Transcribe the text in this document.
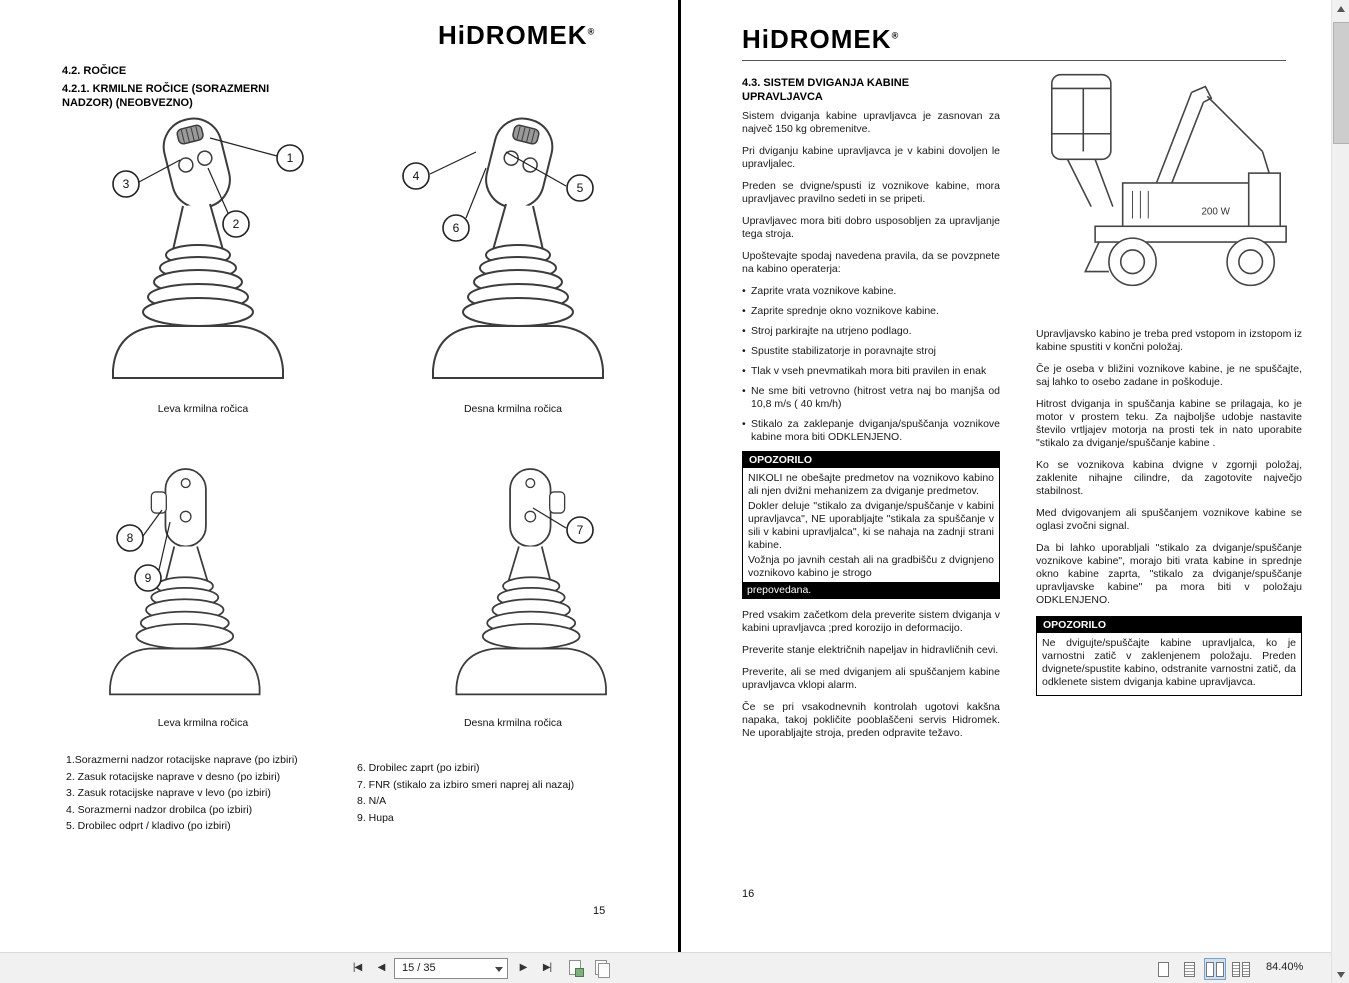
HiDROMEK®
4.2. ROČICE
4.2.1. KRMILNE ROČICE (SORAZMERNI NADZOR) (NEOBVEZNO)
1
3
2
Leva krmilna ročica
4
5
6
Desna krmilna ročica
8
9
Leva krmilna ročica
7
Desna krmilna ročica
1.Sorazmerni nadzor rotacijske naprave (po izbiri)
2. Zasuk rotacijske naprave v desno (po izbiri)
3. Zasuk rotacijske naprave v levo (po izbiri)
4. Sorazmerni nadzor drobilca (po izbiri)
5. Drobilec odprt / kladivo (po izbiri)
6. Drobilec zaprt (po izbiri)
7. FNR (stikalo za izbiro smeri naprej ali nazaj)
8. N/A
9. Hupa
15
HiDROMEK®
4.3. SISTEM DVIGANJA KABINE UPRAVLJAVCA
Sistem dviganja kabine upravljavca je zasnovan za največ 150 kg obremenitve.
Pri dviganju kabine upravljavca je v kabini dovoljen le upravljalec.
Preden se dvigne/spusti iz voznikove kabine, mora upravljavec pravilno sedeti in se pripeti.
Upravljavec mora biti dobro usposobljen za upravljanje tega stroja.
Upoštevajte spodaj navedena pravila, da se povzpnete na kabino operaterja:
• Zaprite vrata voznikove kabine.
• Zaprite sprednje okno voznikove kabine.
• Stroj parkirajte na utrjeno podlago.
• Spustite stabilizatorje in poravnajte stroj
• Tlak v vseh pnevmatikah mora biti pravilen in enak
• Ne sme biti vetrovno (hitrost vetra naj bo manjša od 10,8 m/s ( 40 km/h)
• Stikalo za zaklepanje dviganja/spuščanja voznikove kabine mora biti ODKLENJENO.
OPOZORILO
NIKOLI ne obešajte predmetov na voznikovo kabino ali njen dvižni mehanizem za dviganje predmetov.
Dokler deluje "stikalo za dviganje/spuščanje v kabini upravljavca", NE uporabljajte "stikala za spuščanje v sili v kabini upravljalca", ki se nahaja na zadnji strani kabine.
Vožnja po javnih cestah ali na gradbišču z dvignjeno voznikovo kabino je strogo
prepovedana.
Pred vsakim začetkom dela preverite sistem dviganja v kabini upravljavca ;pred korozijo in deformacijo.
Preverite stanje električnih napeljav in hidravličnih cevi.
Preverite, ali se med dviganjem ali spuščanjem kabine upravljavca vklopi alarm.
Če se pri vsakodnevnih kontrolah ugotovi kakšna napaka, takoj pokličite pooblaščeni servis Hidromek. Ne uporabljajte stroja, preden odpravite težavo.
200 W
Upravljavsko kabino je treba pred vstopom in izstopom iz kabine spustiti v končni položaj.
Če je oseba v bližini voznikove kabine, je ne spuščajte, saj lahko to osebo zadane in poškoduje.
Hitrost dviganja in spuščanja kabine se prilagaja, ko je motor v prostem teku. Za najboljše udobje nastavite število vrtljajev motorja na prosti tek in nato uporabite "stikalo za dviganje/spuščanje kabine .
Ko se voznikova kabina dvigne v zgornji položaj, zaklenite nihajne cilindre, da zagotovite največjo stabilnost.
Med dvigovanjem ali spuščanjem voznikove kabine se oglasi zvočni signal.
Da bi lahko uporabljali "stikalo za dviganje/spuščanje voznikove kabine", morajo biti vrata kabine in sprednje okno kabine zaprta, "stikalo za dviganje/spuščanje upravljavske kabine" pa mora biti v položaju ODKLENJENO.
OPOZORILO
Ne dvigujte/spuščajte kabine upravljalca, ko je varnostni zatič v zaklenjenem položaju. Preden dvignete/spustite kabino, odstranite varnostni zatič, da odklenete sistem dviganja kabine upravljavca.
16
|◀	◀	15 / 35	▶	▶|	84.40%
